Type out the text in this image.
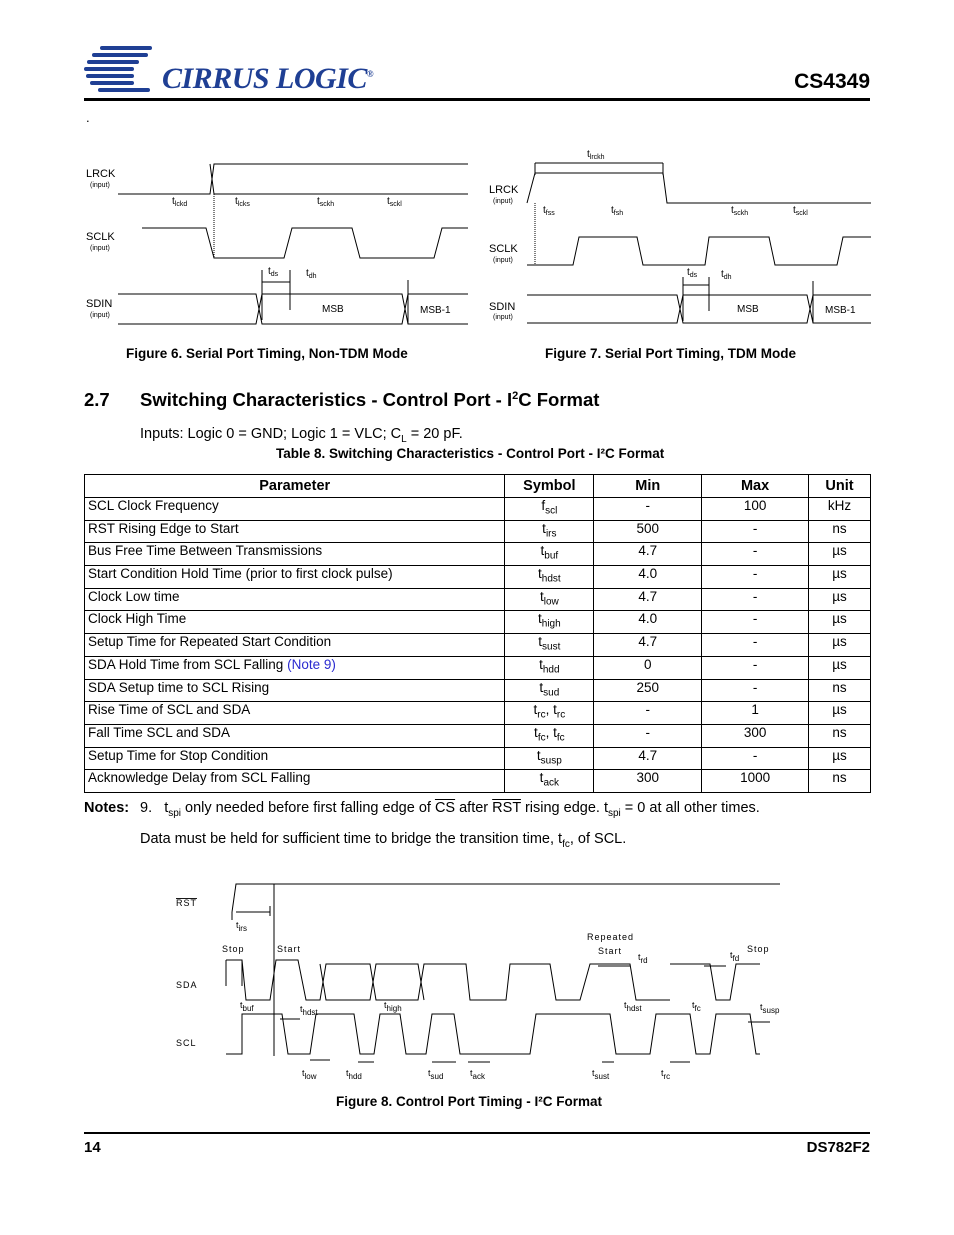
CIRRUS LOGIC®	CS4349
.
LRCK
(input)
SCLK
(input)
SDIN
(input)
$t_{lckd}$	$t_{lcks}$	$t_{sckh}$	$t_{sckl}$
$t_{ds}$	$t_{dh}$
MSB	MSB-1
Figure 6. Serial Port Timing, Non-TDM Mode
LRCK
(input)
SCLK
(input)
SDIN
(input)
$t_{lrckh}$
$t_{fss}$	$t_{fsh}$	$t_{sckh}$	$t_{sckl}$
$t_{ds}$ $t_{dh}$
MSB	MSB-1
Figure 7. Serial Port Timing, TDM Mode
2.7 Switching Characteristics - Control Port - $I^2C$ Format
Inputs: Logic 0 = GND; Logic 1 = VLC; $C_L = 20$ pF.
Table 8. Switching Characteristics - Control Port - I²C Format
Parameter	Symbol	Min	Max	Unit
SCL Clock Frequency	$f_{scl}$	-	100	kHz
$\overline{RST}$ Rising Edge to Start	$t_{irs}$	500	-	ns
Bus Free Time Between Transmissions	$t_{buf}$	4.7	-	µs
Start Condition Hold Time (prior to first clock pulse)	$t_{hdst}$	4.0	-	µs
Clock Low time	$t_{low}$	4.7	-	µs
Clock High Time	$t_{high}$	4.0	-	µs
Setup Time for Repeated Start Condition	$t_{sust}$	4.7	-	µs
SDA Hold Time from SCL Falling (Note 9)	$t_{hdd}$	0	-	µs
SDA Setup time to SCL Rising	$t_{sud}$	250	-	ns
Rise Time of SCL and SDA	$t_{rc}$, $t_{rc}$	-	1	µs
Fall Time SCL and SDA	$t_{fc}$, $t_{fc}$	-	300	ns
Setup Time for Stop Condition	$t_{susp}$	4.7	-	µs
Acknowledge Delay from SCL Falling	$t_{ack}$	300	1000	ns
Notes: 9. $t_{spi}$ only needed before first falling edge of $\overline{CS}$ after $\overline{RST}$ rising edge. $t_{spi} = 0$ at all other times.
Data must be held for sufficient time to bridge the transition time, $t_{fc}$, of SCL.
RST
SDA
SCL
Stop	Start
Repeated
Start	Stop
tirs
tbuf	thdst
thigh	thdst	tfc	tsusp
trd
tfd
tlow	thdd	tsud	tack	tsust	trc
Figure 8. Control Port Timing - I²C Format
14	DS782F2
